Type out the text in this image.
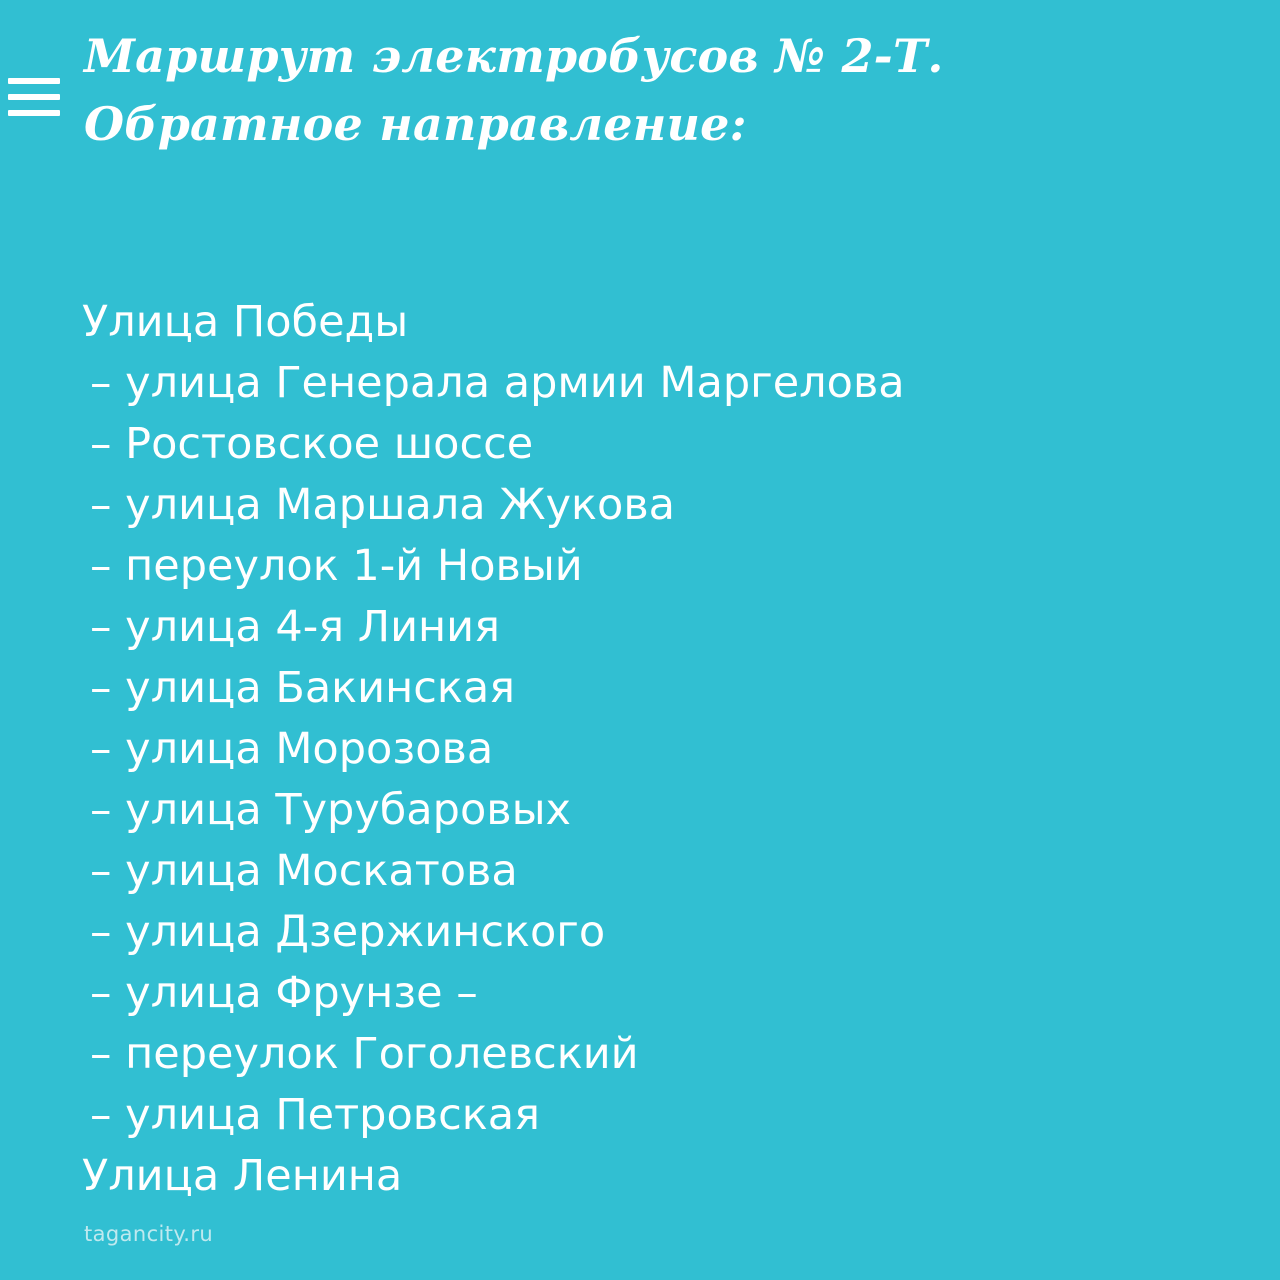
Маршрут электробусов № 2-Т.
Обратное направление:
Улица Победы
– улица Генерала армии Маргелова
– Ростовское шоссе
– улица Маршала Жукова
– переулок 1-й Новый
– улица 4-я Линия
– улица Бакинская
– улица Морозова
– улица Турубаровых
– улица Москатова
– улица Дзержинского
– улица Фрунзе –
– переулок Гоголевский
– улица Петровская
Улица Ленина
tagancity.ru
